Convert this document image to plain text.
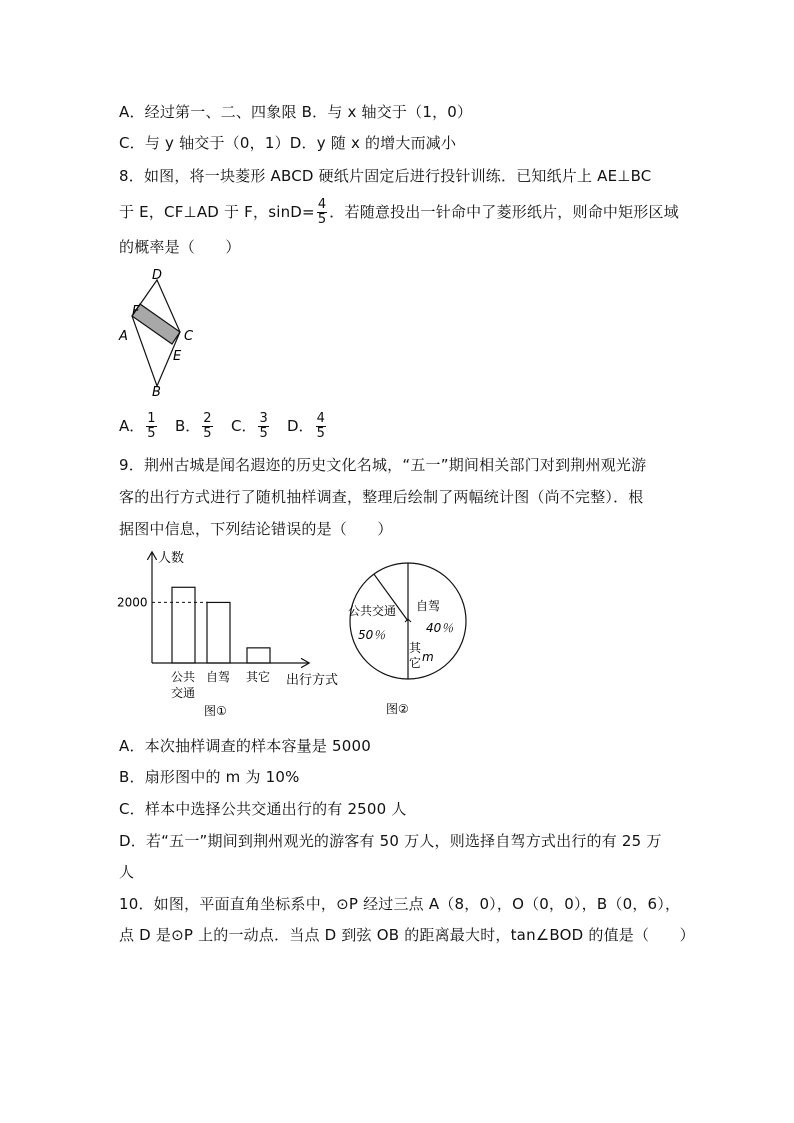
A．经过第一、二、四象限 B．与 x 轴交于（1，0）
C．与 y 轴交于（0，1）D．y 随 x 的增大而减小
8．如图，将一块菱形 ABCD 硬纸片固定后进行投针训练．已知纸片上 AE⊥BC
于 E，CF⊥AD 于 F，$\sin D= \frac{4}{5}$ ．若随意投出一针命中了菱形纸片，则命中矩形区域
的概率是（　　）
D
F
A	C
E
B
A． $\frac{1}{5}$ B． $\frac{2}{5}$ C． $\frac{3}{5}$ D． $\frac{4}{5}$
9．荆州古城是闻名遐迩的历史文化名城，“五一”期间相关部门对到荆州观光游
客的出行方式进行了随机抽样调查，整理后绘制了两幅统计图（尚不完整）．根
据图中信息，下列结论错误的是（　　）
人数
2000
公共
交通
自驾 其它 出行方式
图①
公共交通
50％
自驾
40％
其
它 m
图②
A．本次抽样调查的样本容量是 5000
B．扇形图中的 m 为 10%
C．样本中选择公共交通出行的有 2500 人
D．若“五一”期间到荆州观光的游客有 50 万人，则选择自驾方式出行的有 25 万
人
10．如图，平面直角坐标系中，⊙P 经过三点 A（8，0），O（0，0），B（0，6），
点 D 是⊙P 上的一动点．当点 D 到弦 OB 的距离最大时，tan∠BOD 的值是（　　）
